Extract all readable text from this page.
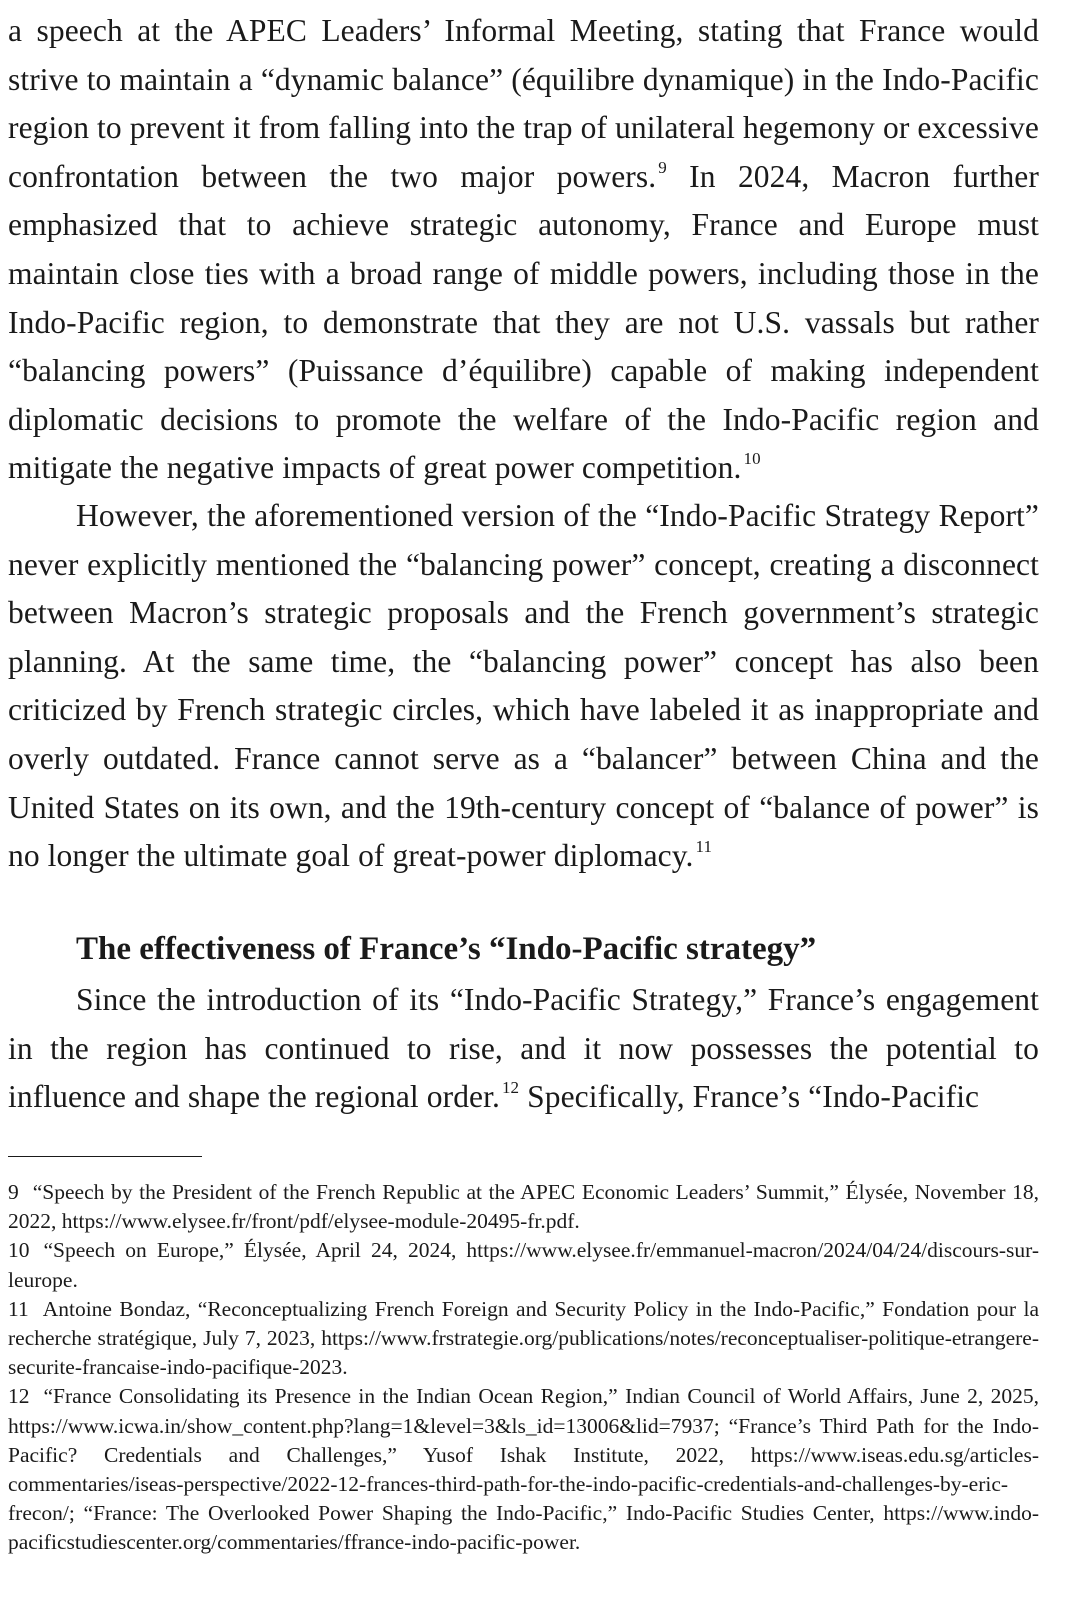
a speech at the APEC Leaders’ Informal Meeting, stating that France would strive to maintain a “dynamic balance” (équilibre dynamique) in the Indo-Pacific region to prevent it from falling into the trap of unilateral hegemony or excessive confrontation between the two major powers. $^9$ In 2024, Macron further emphasized that to achieve strategic autonomy, France and Europe must maintain close ties with a broad range of middle powers, including those in the Indo-Pacific region, to demonstrate that they are not U.S. vassals but rather “balancing powers” (Puissance d’équilibre) capable of making independent diplomatic decisions to promote the welfare of the Indo-Pacific region and mitigate the negative impacts of great power competition. $^{10}$

However, the aforementioned version of the “Indo-Pacific Strategy Report” never explicitly mentioned the “balancing power” concept, creating a disconnect between Macron’s strategic proposals and the French government’s strategic planning. At the same time, the “balancing power” concept has also been criticized by French strategic circles, which have labeled it as inappropriate and overly outdated. France cannot serve as a “balancer” between China and the United States on its own, and the 19th-century concept of “balance of power” is no longer the ultimate goal of great-power diplomacy. $^{11}$

The effectiveness of France’s “Indo-Pacific strategy”

Since the introduction of its “Indo-Pacific Strategy,” France’s engagement in the region has continued to rise, and it now possesses the potential to influence and shape the regional order. $^{12}$ Specifically, France’s “Indo-Pacific

9 “Speech by the President of the French Republic at the APEC Economic Leaders’ Summit,” Élysée, November 18, 2022, https://www.elysee.fr/front/pdf/elysee-module-20495-fr.pdf.

10 “Speech on Europe,” Élysée, April 24, 2024, https://www.elysee.fr/emmanuel-macron/2024/04/24/discours-sur-leurope.

11 Antoine Bondaz, “Reconceptualizing French Foreign and Security Policy in the Indo-Pacific,” Fondation pour la recherche stratégique, July 7, 2023, https://www.frstrategie.org/publications/notes/reconceptualiser-politique-etrangere-securite-francaise-indo-pacifique-2023.

12 “France Consolidating its Presence in the Indian Ocean Region,” Indian Council of World Affairs, June 2, 2025, https://www.icwa.in/show_content.php?lang=1&level=3&ls_id=13006&lid=7937; “France’s Third Path for the Indo-Pacific? Credentials and Challenges,” Yusof Ishak Institute, 2022, https://www.iseas.edu.sg/articles-commentaries/iseas-perspective/2022-12-frances-third-path-for-the-indo-pacific-credentials-and-challenges-by-eric-frecon/; “France: The Overlooked Power Shaping the Indo-Pacific,” Indo-Pacific Studies Center, https://www.indo-pacificstudiescenter.org/commentaries/ffrance-indo-pacific-power.
